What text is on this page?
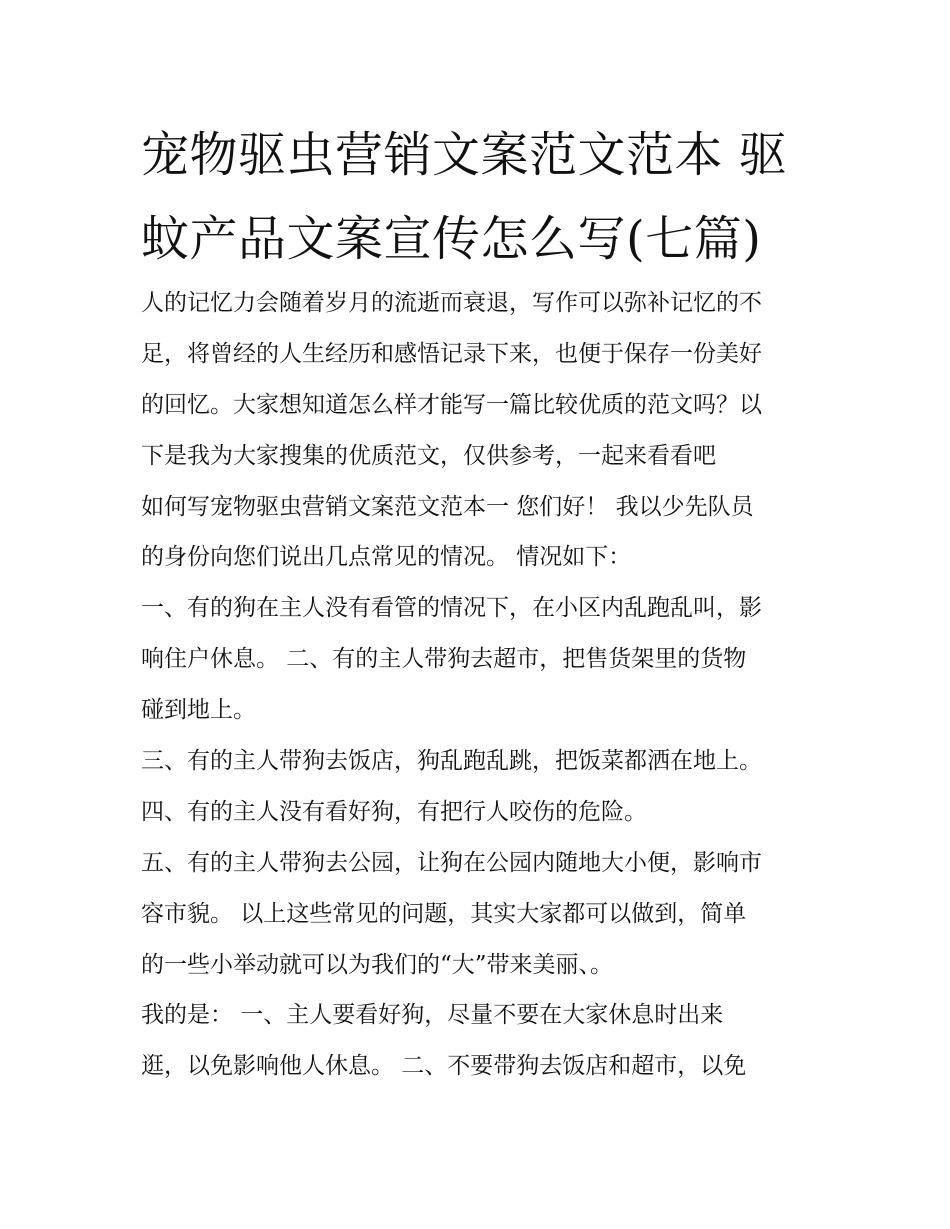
宠物驱虫营销文案范文范本 驱
蚊产品文案宣传怎么写(七篇)
人的记忆力会随着岁月的流逝而衰退，写作可以弥补记忆的不
足，将曾经的人生经历和感悟记录下来，也便于保存一份美好
的回忆。大家想知道怎么样才能写一篇比较优质的范文吗？以
下是我为大家搜集的优质范文，仅供参考，一起来看看吧
如何写宠物驱虫营销文案范文范本一 您们好！ 我以少先队员
的身份向您们说出几点常见的情况。 情况如下：
一、有的狗在主人没有看管的情况下，在小区内乱跑乱叫，影
响住户休息。 二、有的主人带狗去超市，把售货架里的货物
碰到地上。
三、有的主人带狗去饭店，狗乱跑乱跳，把饭菜都洒在地上。
四、有的主人没有看好狗，有把行人咬伤的危险。
五、有的主人带狗去公园，让狗在公园内随地大小便，影响市
容市貌。 以上这些常见的问题，其实大家都可以做到，简单
的一些小举动就可以为我们的“大”带来美丽、。
我的是： 一、主人要看好狗，尽量不要在大家休息时出来
逛，以免影响他人休息。 二、不要带狗去饭店和超市，以免
